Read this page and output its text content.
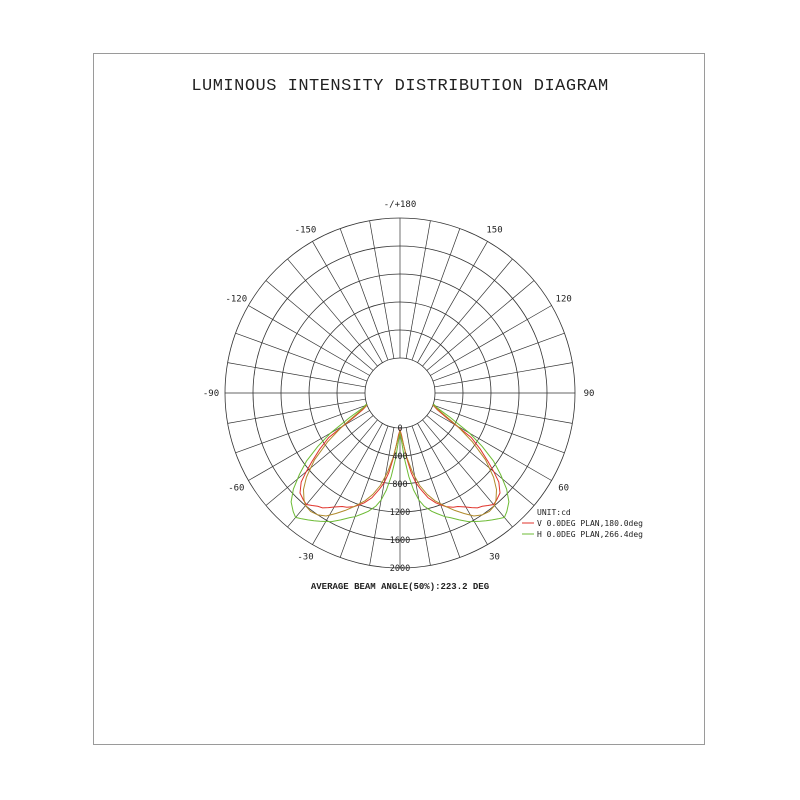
LUMINOUS INTENSITY DISTRIBUTION DIAGRAM
0
400
800
1200
1600
2000
-/+180
-150	150
-120	120
-90	90
-60	60
-30	30
UNIT:cd
V 0.0DEG PLAN,180.0deg
H 0.0DEG PLAN,266.4deg
AVERAGE BEAM ANGLE(50%):223.2 DEG
